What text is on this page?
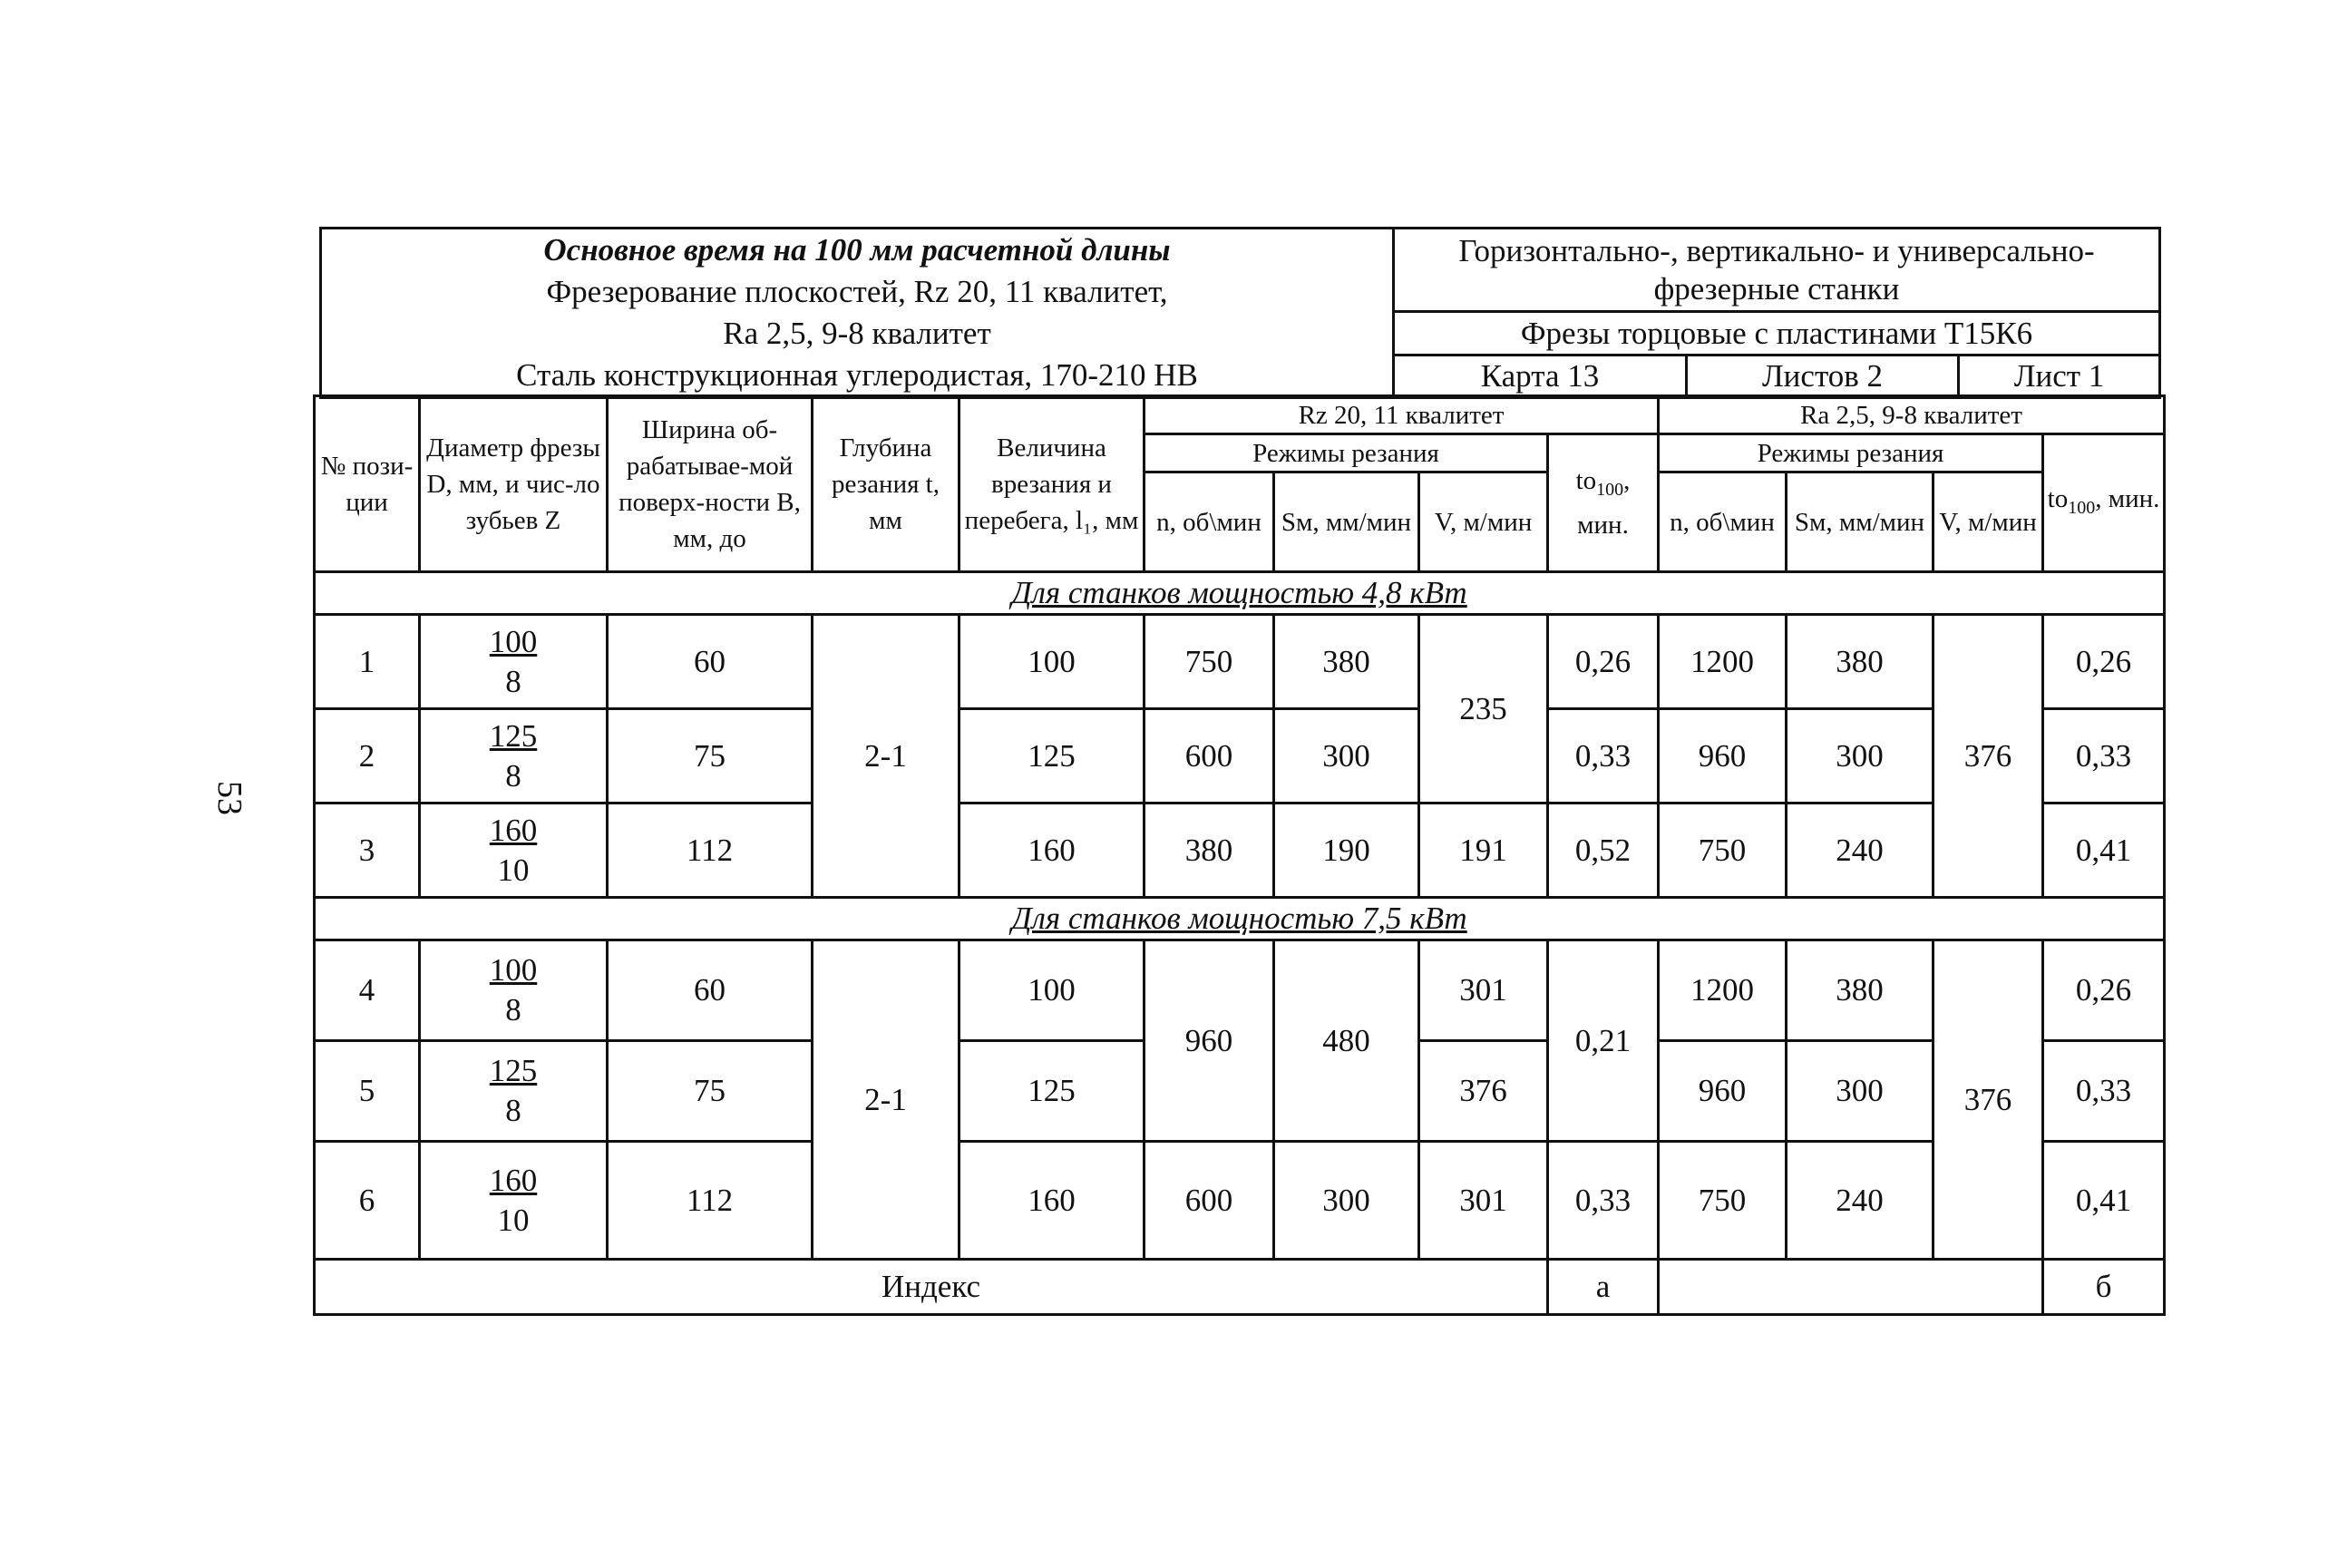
53
Основное время на 100 мм расчетной длины
Фрезерование плоскостей, Rz 20, 11 квалитет,
Ra 2,5, 9-8 квалитет
Сталь конструкционная углеродистая, 170-210 НВ	Горизонтально-, вертикально- и универсально-фрезерные станки		
	Фрезы торцовые с пластинами Т15К6		
	Карта 13	Листов 2	Лист 1
№ пози-ции	Диаметр фрезы D, мм, и чис-ло зубьев Z	Ширина об-рабатывае-мой поверх-ности В, мм, до	Глубина резания t, мм	Величина врезания и перебега, l₁, мм	Rz 20, 11 квалитет				Ra 2,5, 9-8 квалитет			
					Режимы резания			$to_{100}$, мин.	Режимы резания			$to_{100}$, мин.
					n, об\мин	Sм, мм/мин	V, м/мин		n, об\мин	Sм, мм/мин	V, м/мин	
Для станков мощностью 4,8 кВт												
1	$\frac{100}{8}$	60	2-1	100	750	380	235	0,26	1200	380	376	0,26
2	$\frac{125}{8}$	75		125	600	300		0,33	960	300		0,33
3	$\frac{160}{10}$	112		160	380	190	191	0,52	750	240		0,41
Для станков мощностью 7,5 кВт												
4	$\frac{100}{8}$	60	2-1	100	960	480	301	0,21	1200	380	376	0,26
5	$\frac{125}{8}$	75		125			376		960	300		0,33
6	$\frac{160}{10}$	112		160	600	300	301	0,33	750	240		0,41
Индекс								а				б
